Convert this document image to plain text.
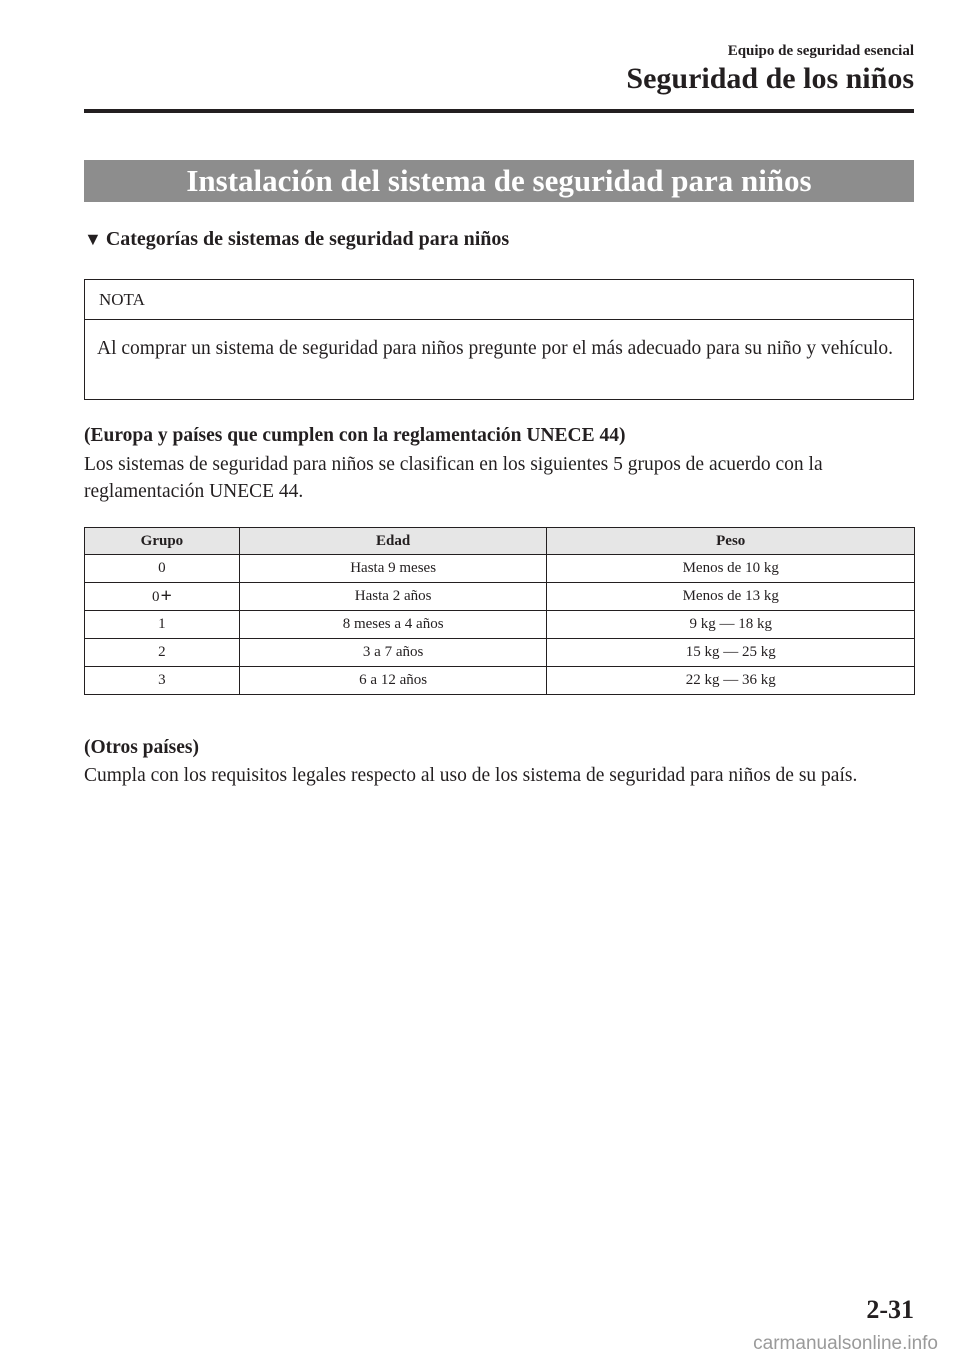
Equipo de seguridad esencial
Seguridad de los niños
Instalación del sistema de seguridad para niños
▼ Categorías de sistemas de seguridad para niños
NOTA
Al comprar un sistema de seguridad para niños pregunte por el más adecuado para su niño y vehículo.
(Europa y países que cumplen con la reglamentación UNECE 44)
Los sistemas de seguridad para niños se clasifican en los siguientes 5 grupos de acuerdo con la reglamentación UNECE 44.
Grupo	Edad	Peso
0	Hasta 9 meses	Menos de 10 kg
0+	Hasta 2 años	Menos de 13 kg
1	8 meses a 4 años	9 kg — 18 kg
2	3 a 7 años	15 kg — 25 kg
3	6 a 12 años	22 kg — 36 kg
(Otros países)
Cumpla con los requisitos legales respecto al uso de los sistema de seguridad para niños de su país.
2-31
carmanualsonline.info
